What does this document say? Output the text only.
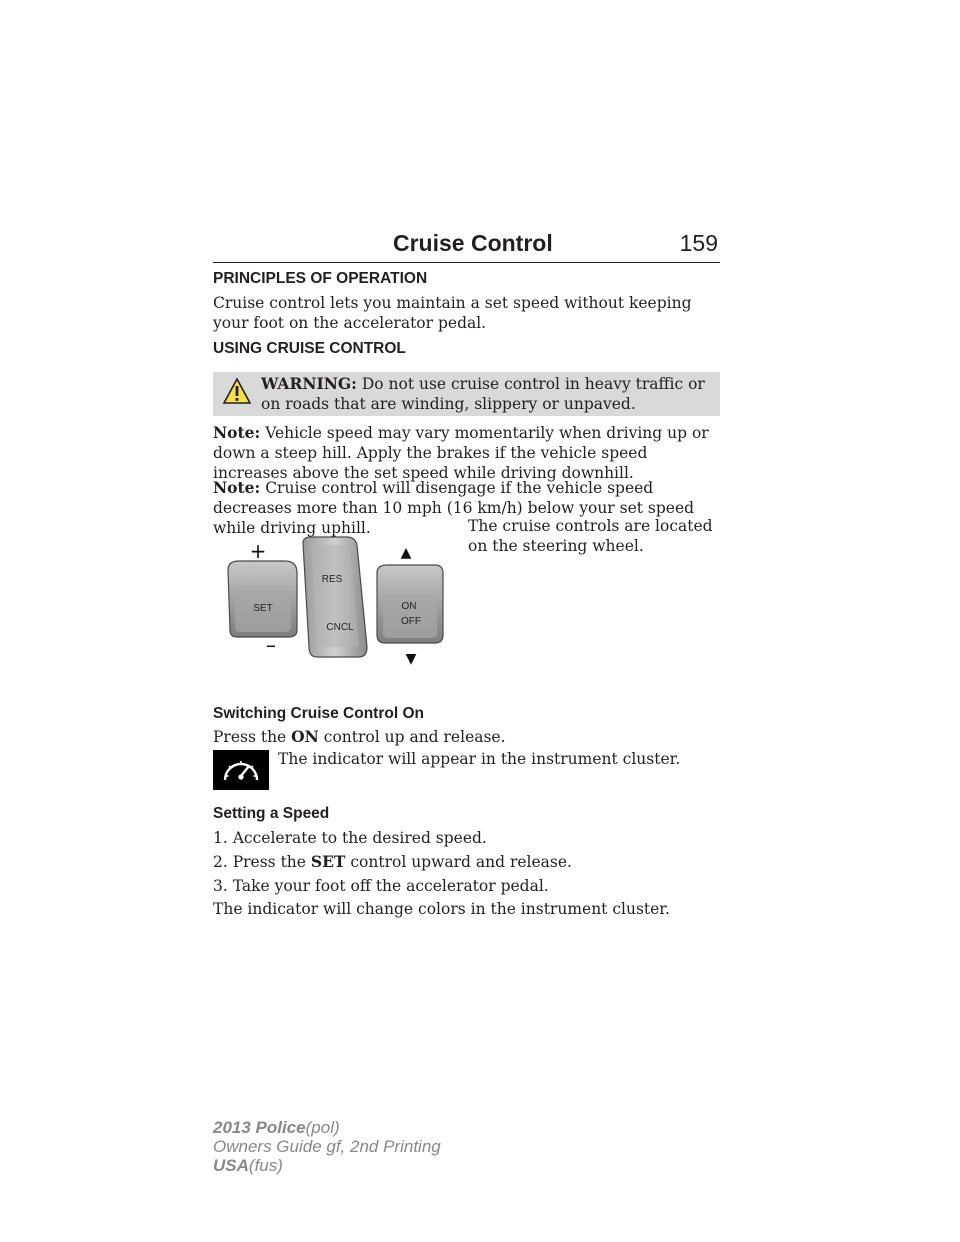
Cruise Control	159
PRINCIPLES OF OPERATION
Cruise control lets you maintain a set speed without keeping your foot on the accelerator pedal.
USING CRUISE CONTROL
WARNING: Do not use cruise control in heavy traffic or on roads that are winding, slippery or unpaved.
Note: Vehicle speed may vary momentarily when driving up or down a steep hill. Apply the brakes if the vehicle speed increases above the set speed while driving downhill.
Note: Cruise control will disengage if the vehicle speed decreases more than 10 mph (16 km/h) below your set speed while driving uphill.	The cruise controls are located on the steering wheel.
SET
+
–
RES
CNCL
ON
OFF
▲
▼
Switching Cruise Control On
Press the ON control up and release.
The indicator will appear in the instrument cluster.
Setting a Speed
1. Accelerate to the desired speed.
2. Press the SET control upward and release.
3. Take your foot off the accelerator pedal.
The indicator will change colors in the instrument cluster.
2013 Police(pol)
Owners Guide gf, 2nd Printing
USA(fus)
